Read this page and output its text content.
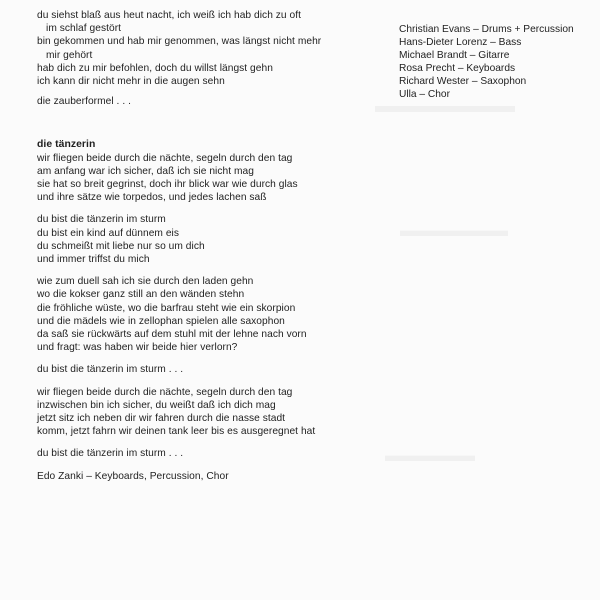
du siehst blaß aus heut nacht, ich weiß ich hab dich zu oft
im schlaf gestört
bin gekommen und hab mir genommen, was längst nicht mehr
mir gehört
hab dich zu mir befohlen, doch du willst längst gehn
ich kann dir nicht mehr in die augen sehn
die zauberformel . . .
die tänzerin
wir fliegen beide durch die nächte, segeln durch den tag
am anfang war ich sicher, daß ich sie nicht mag
sie hat so breit gegrinst, doch ihr blick war wie durch glas
und ihre sätze wie torpedos, und jedes lachen saß
du bist die tänzerin im sturm
du bist ein kind auf dünnem eis
du schmeißt mit liebe nur so um dich
und immer triffst du mich
wie zum duell sah ich sie durch den laden gehn
wo die kokser ganz still an den wänden stehn
die fröhliche wüste, wo die barfrau steht wie ein skorpion
und die mädels wie in zellophan spielen alle saxophon
da saß sie rückwärts auf dem stuhl mit der lehne nach vorn
und fragt: was haben wir beide hier verlorn?
du bist die tänzerin im sturm . . .
wir fliegen beide durch die nächte, segeln durch den tag
inzwischen bin ich sicher, du weißt daß ich dich mag
jetzt sitz ich neben dir wir fahren durch die nasse stadt
komm, jetzt fahrn wir deinen tank leer bis es ausgeregnet hat
du bist die tänzerin im sturm . . .
Edo Zanki – Keyboards, Percussion, Chor
Christian Evans – Drums + Percussion
Hans-Dieter Lorenz – Bass
Michael Brandt – Gitarre
Rosa Precht – Keyboards
Richard Wester – Saxophon
Ulla – Chor
